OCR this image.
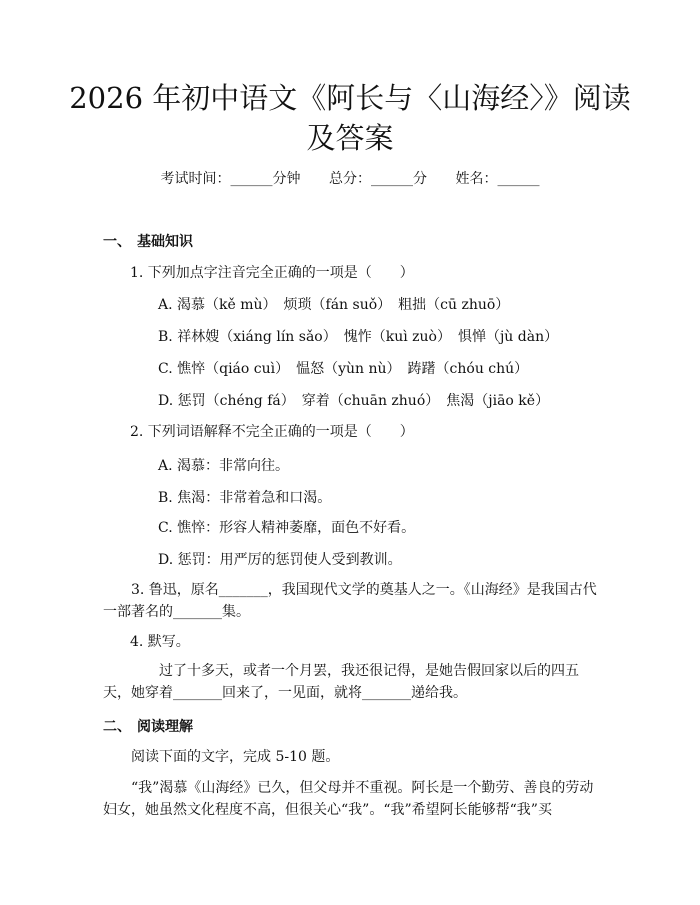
2026 年初中语文《阿长与〈山海经〉》阅读
及答案
考试时间：______分钟 总分：______分 姓名：______
一、 基础知识
1. 下列加点字注音完全正确的一项是（　　）
A. 渴慕（kě mù）　烦琐（fán suǒ）　粗拙（cū zhuō）
B. 祥林嫂（xiáng lín sǎo）　愧怍（kuì zuò）　惧惮（jù dàn）
C. 憔悴（qiáo cuì）　愠怒（yùn nù）　踌躇（chóu chú）
D. 惩罚（chéng fá）　穿着（chuān zhuó）　焦渴（jiāo kě）
2. 下列词语解释不完全正确的一项是（　　）
A. 渴慕：非常向往。
B. 焦渴：非常着急和口渴。
C. 憔悴：形容人精神萎靡，面色不好看。
D. 惩罚：用严厉的惩罚使人受到教训。
3. 鲁迅，原名_______，我国现代文学的奠基人之一。《山海经》是我国古代一部著名的_______集。
4. 默写。
过了十多天，或者一个月罢，我还很记得，是她告假回家以后的四五天，她穿着_______回来了，一见面，就将_______递给我。
二、 阅读理解
阅读下面的文字，完成 5-10 题。
“我”渴慕《山海经》已久，但父母并不重视。阿长是一个勤劳、善良的劳动妇女，她虽然文化程度不高，但很关心“我”。“我”希望阿长能够帮“我”买
